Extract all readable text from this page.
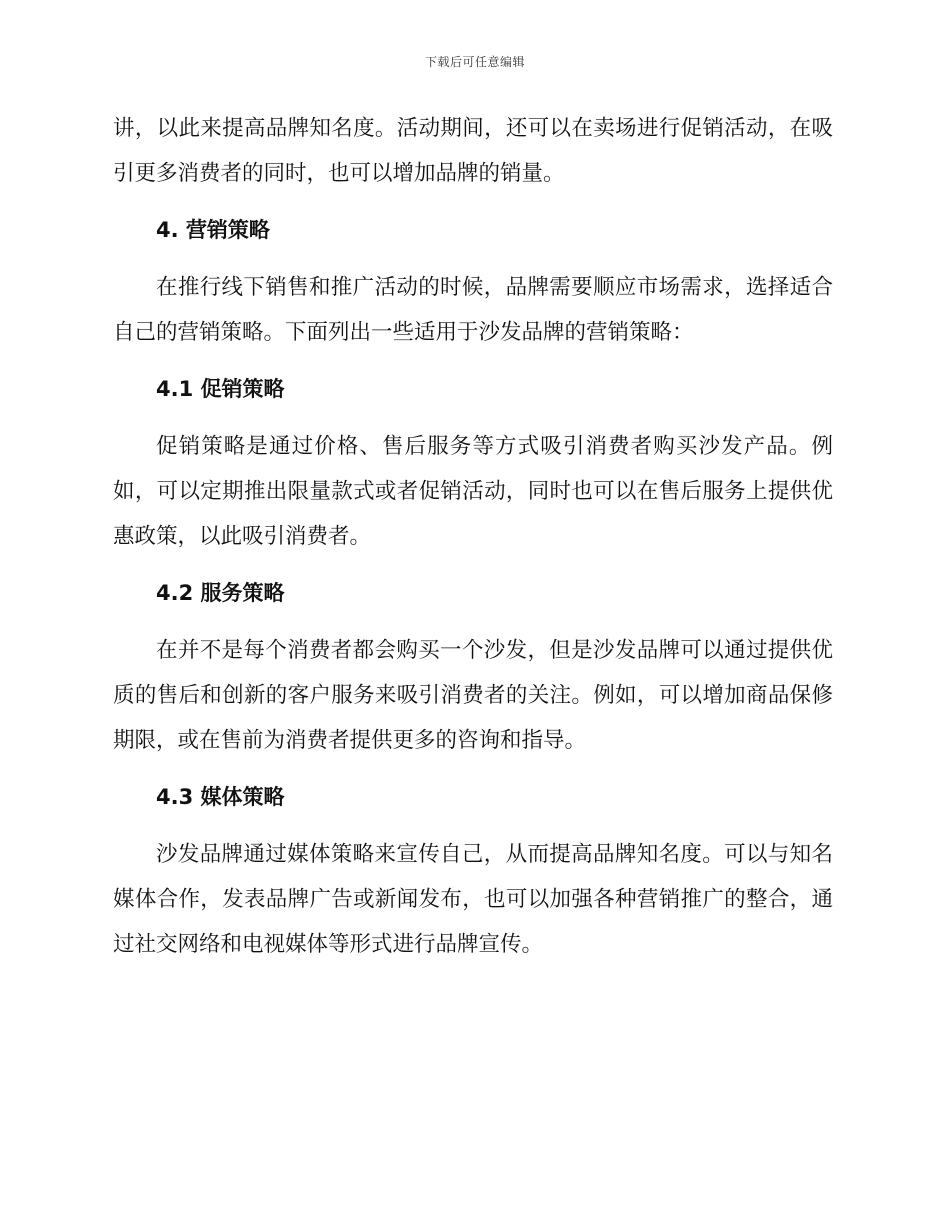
下载后可任意编辑

讲，以此来提高品牌知名度。活动期间，还可以在卖场进行促销活动，在吸引更多消费者的同时，也可以增加品牌的销量。

4. 营销策略

在推行线下销售和推广活动的时候，品牌需要顺应市场需求，选择适合自己的营销策略。下面列出一些适用于沙发品牌的营销策略：

4.1 促销策略

促销策略是通过价格、售后服务等方式吸引消费者购买沙发产品。例如，可以定期推出限量款式或者促销活动，同时也可以在售后服务上提供优惠政策，以此吸引消费者。

4.2 服务策略

在并不是每个消费者都会购买一个沙发，但是沙发品牌可以通过提供优质的售后和创新的客户服务来吸引消费者的关注。例如，可以增加商品保修期限，或在售前为消费者提供更多的咨询和指导。

4.3 媒体策略

沙发品牌通过媒体策略来宣传自己，从而提高品牌知名度。可以与知名媒体合作，发表品牌广告或新闻发布，也可以加强各种营销推广的整合，通过社交网络和电视媒体等形式进行品牌宣传。
